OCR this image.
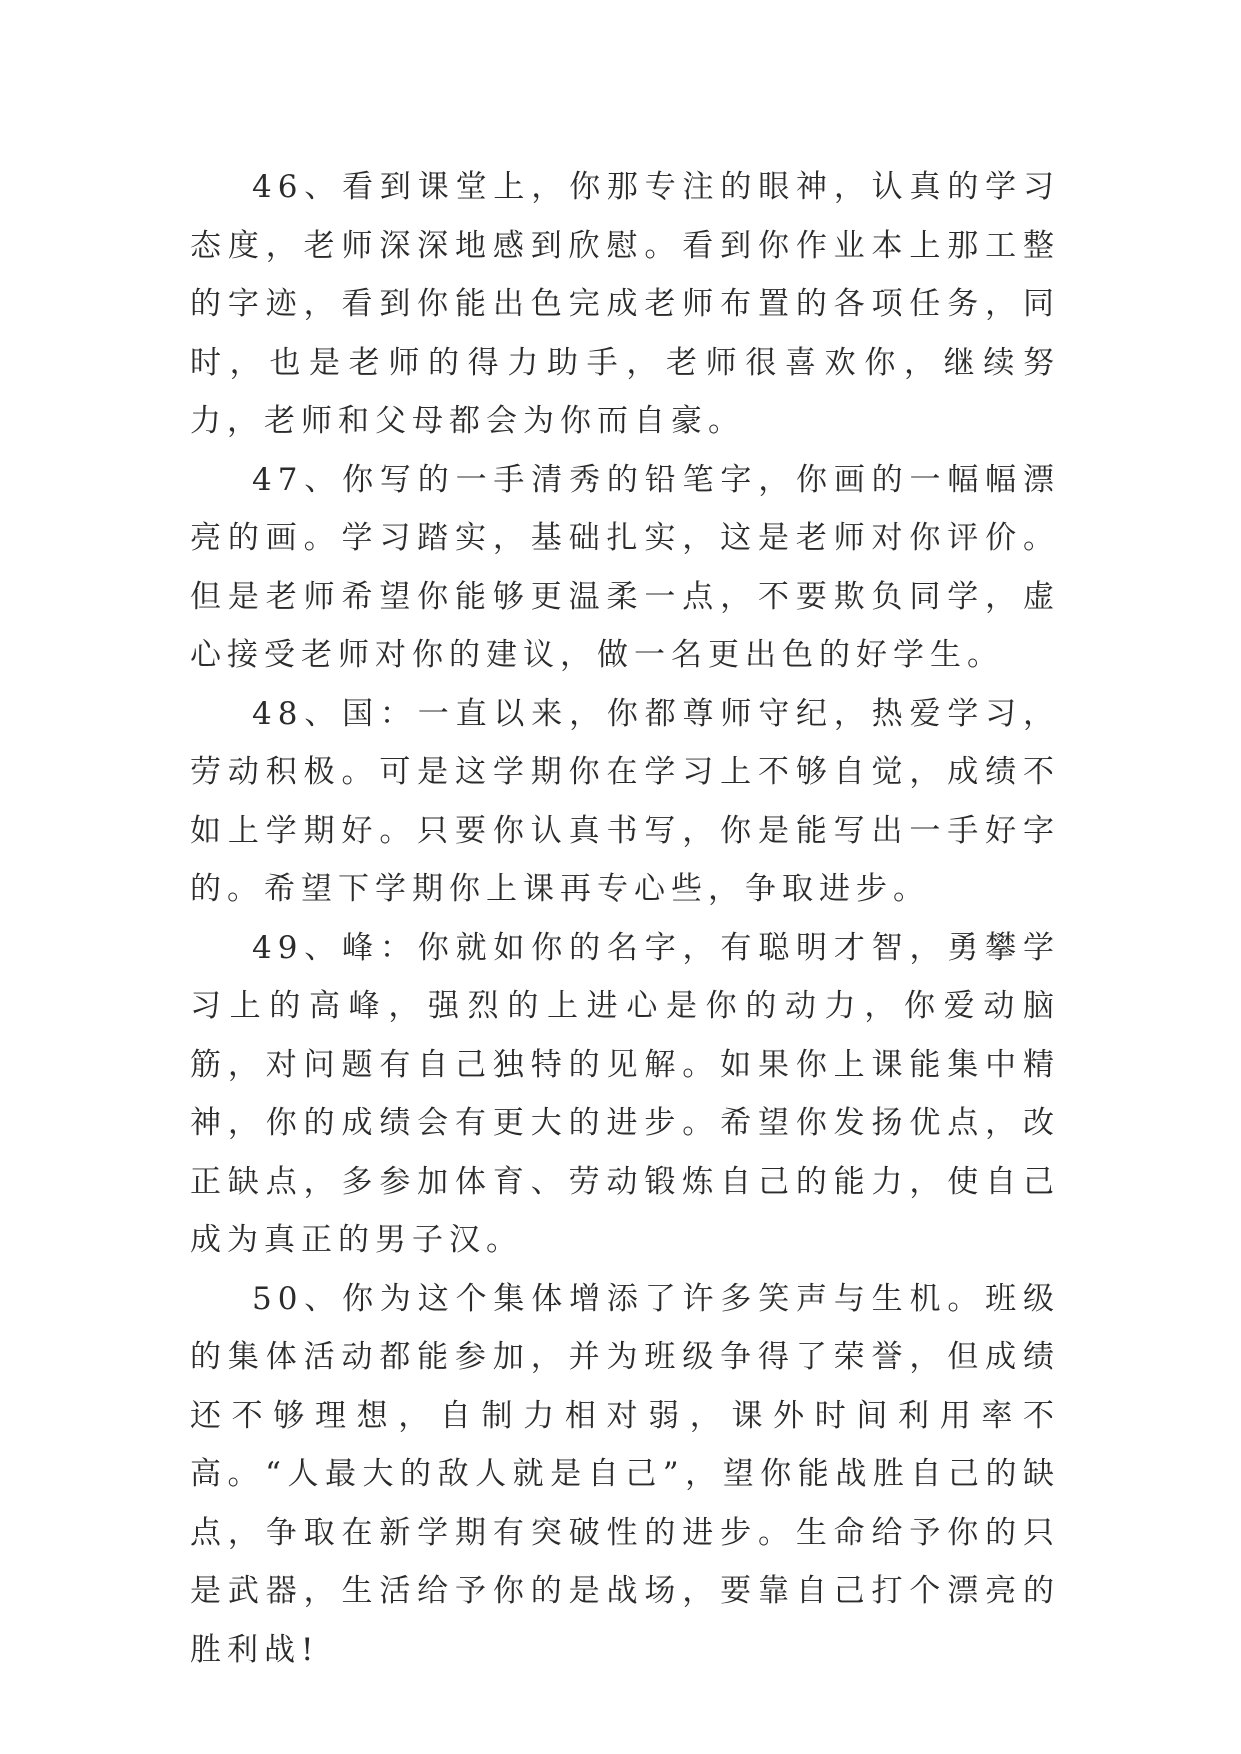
46、看到课堂上，你那专注的眼神，认真的学习态度，老师深深地感到欣慰。看到你作业本上那工整的字迹，看到你能出色完成老师布置的各项任务，同时，也是老师的得力助手，老师很喜欢你，继续努力，老师和父母都会为你而自豪。

47、你写的一手清秀的铅笔字，你画的一幅幅漂亮的画。学习踏实，基础扎实，这是老师对你评价。但是老师希望你能够更温柔一点，不要欺负同学，虚心接受老师对你的建议，做一名更出色的好学生。

48、国：一直以来，你都尊师守纪，热爱学习，劳动积极。可是这学期你在学习上不够自觉，成绩不如上学期好。只要你认真书写，你是能写出一手好字的。希望下学期你上课再专心些，争取进步。

49、峰：你就如你的名字，有聪明才智，勇攀学习上的高峰，强烈的上进心是你的动力，你爱动脑筋，对问题有自己独特的见解。如果你上课能集中精神，你的成绩会有更大的进步。希望你发扬优点，改正缺点，多参加体育、劳动锻炼自己的能力，使自己成为真正的男子汉。

50、你为这个集体增添了许多笑声与生机。班级的集体活动都能参加，并为班级争得了荣誉，但成绩还不够理想，自制力相对弱，课外时间利用率不高。“人最大的敌人就是自己”，望你能战胜自己的缺点，争取在新学期有突破性的进步。生命给予你的只是武器，生活给予你的是战场，要靠自己打个漂亮的胜利战!
